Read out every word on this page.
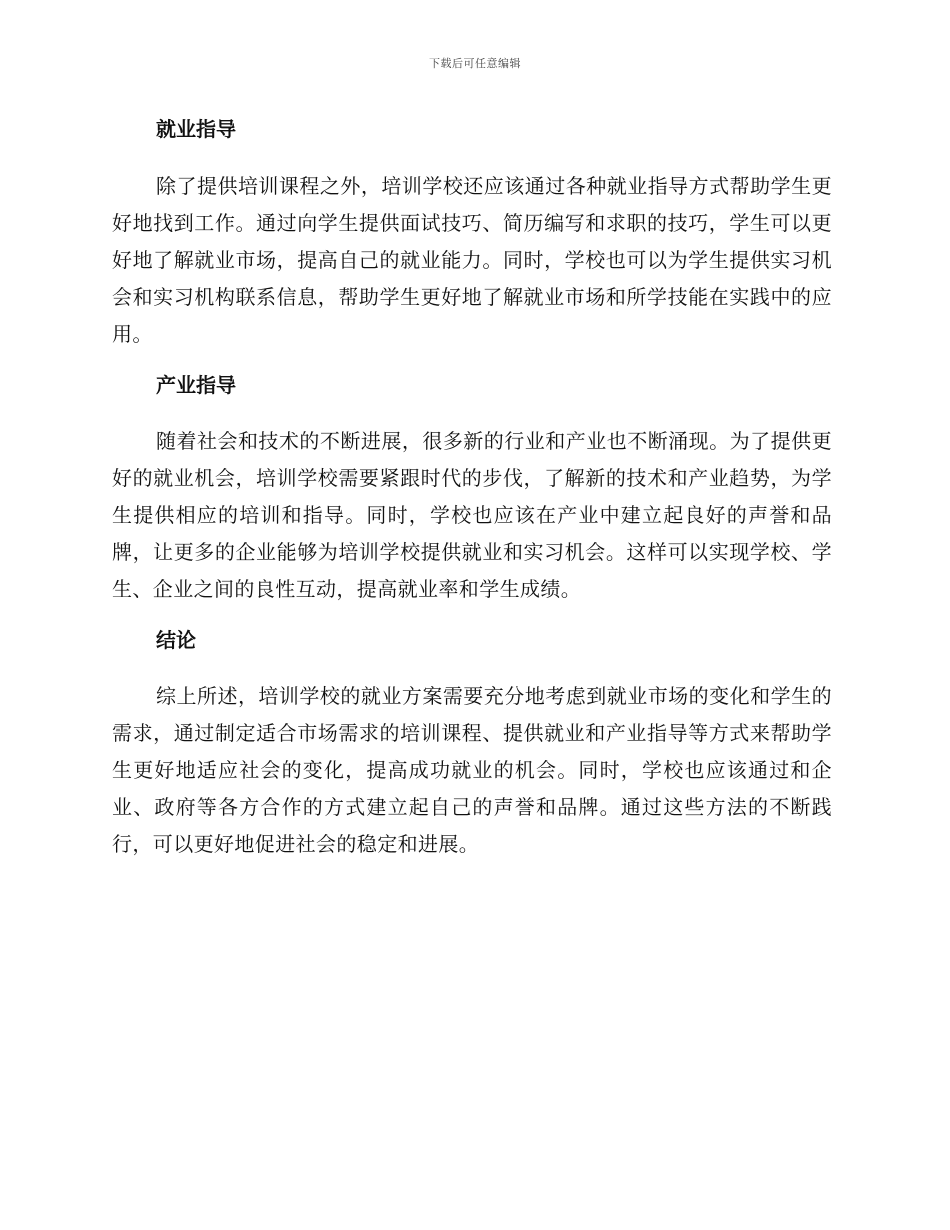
下载后可任意编辑
就业指导

除了提供培训课程之外，培训学校还应该通过各种就业指导方式帮助学生更好地找到工作。通过向学生提供面试技巧、简历编写和求职的技巧，学生可以更好地了解就业市场，提高自己的就业能力。同时，学校也可以为学生提供实习机会和实习机构联系信息，帮助学生更好地了解就业市场和所学技能在实践中的应用。

产业指导

随着社会和技术的不断进展，很多新的行业和产业也不断涌现。为了提供更好的就业机会，培训学校需要紧跟时代的步伐，了解新的技术和产业趋势，为学生提供相应的培训和指导。同时，学校也应该在产业中建立起良好的声誉和品牌，让更多的企业能够为培训学校提供就业和实习机会。这样可以实现学校、学生、企业之间的良性互动，提高就业率和学生成绩。

结论

综上所述，培训学校的就业方案需要充分地考虑到就业市场的变化和学生的需求，通过制定适合市场需求的培训课程、提供就业和产业指导等方式来帮助学生更好地适应社会的变化，提高成功就业的机会。同时，学校也应该通过和企业、政府等各方合作的方式建立起自己的声誉和品牌。通过这些方法的不断践行，可以更好地促进社会的稳定和进展。
